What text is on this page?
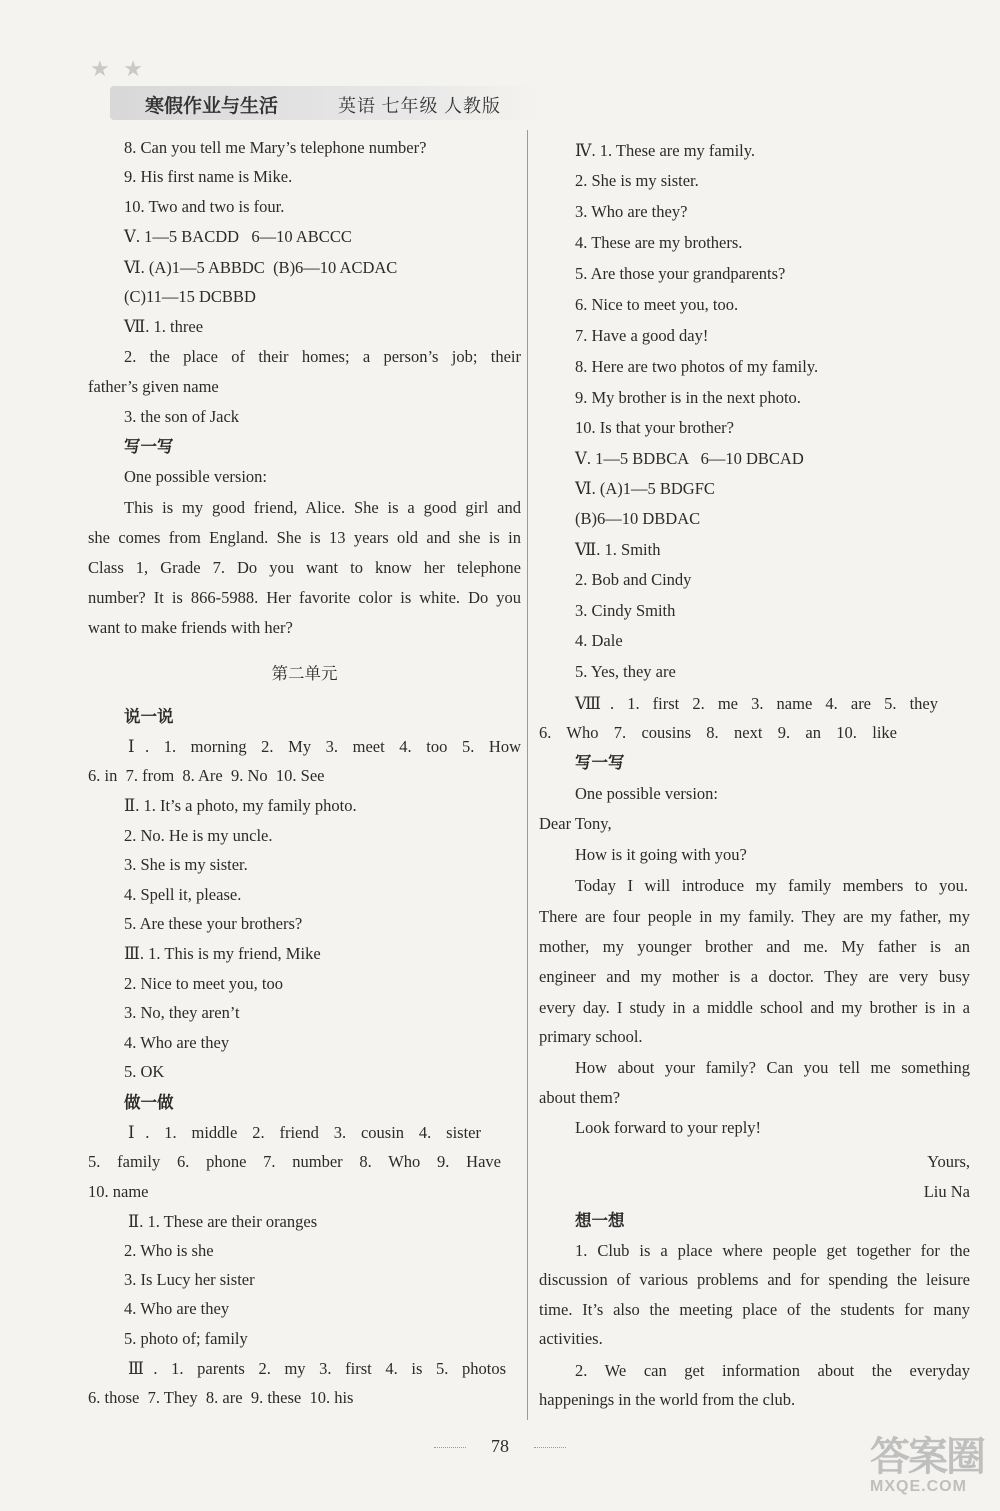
★ ★
寒假作业与生活	英语 七年级 人教版
8. Can you tell me Mary’s telephone number?
9. His first name is Mike.
10. Two and two is four.
Ⅴ. 1—5 BACDD   6—10 ABCCC
Ⅵ. (A)1—5 ABBDC  (B)6—10 ACDAC
(C)11—15 DCBBD
Ⅶ. 1. three
2. the place of their homes; a person’s job; their
father’s given name
3. the son of Jack
写一写
One possible version:
This is my good friend, Alice. She is a good girl and
she comes from England. She is 13 years old and she is in
Class 1, Grade 7. Do you want to know her telephone
number? It is 866-5988. Her favorite color is white. Do you
want to make friends with her?
第二单元
说一说
Ⅰ. 1. morning 2. My 3. meet 4. too 5. How
6. in  7. from  8. Are  9. No  10. See
Ⅱ. 1. It’s a photo, my family photo.
2. No. He is my uncle.
3. She is my sister.
4. Spell it, please.
5. Are these your brothers?
Ⅲ. 1. This is my friend, Mike
2. Nice to meet you, too
3. No, they aren’t
4. Who are they
5. OK
做一做
Ⅰ. 1. middle 2. friend 3. cousin 4. sister
5. family 6. phone 7. number 8. Who 9. Have
10. name
Ⅱ. 1. These are their oranges
2. Who is she
3. Is Lucy her sister
4. Who are they
5. photo of; family
Ⅲ. 1. parents 2. my 3. first 4. is 5. photos
6. those  7. They  8. are  9. these  10. his
Ⅳ. 1. These are my family.
2. She is my sister.
3. Who are they?
4. These are my brothers.
5. Are those your grandparents?
6. Nice to meet you, too.
7. Have a good day!
8. Here are two photos of my family.
9. My brother is in the next photo.
10. Is that your brother?
Ⅴ. 1—5 BDBCA   6—10 DBCAD
Ⅵ. (A)1—5 BDGFC
(B)6—10 DBDAC
Ⅶ. 1. Smith
2. Bob and Cindy
3. Cindy Smith
4. Dale
5. Yes, they are
Ⅷ. 1. first 2. me 3. name 4. are 5. they
6. Who 7. cousins 8. next 9. an 10. like
写一写
One possible version:
Dear Tony,
How is it going with you?
Today I will introduce my family members to you.
There are four people in my family. They are my father, my
mother, my younger brother and me. My father is an
engineer and my mother is a doctor. They are very busy
every day. I study in a middle school and my brother is in a
primary school.
How about your family? Can you tell me something
about them?
Look forward to your reply!
Yours,
Liu Na
想一想
1. Club is a place where people get together for the
discussion of various problems and for spending the leisure
time. It’s also the meeting place of the students for many
activities.
2. We can get information about the everyday
happenings in the world from the club.
78	答案圈
MXQE.COM
